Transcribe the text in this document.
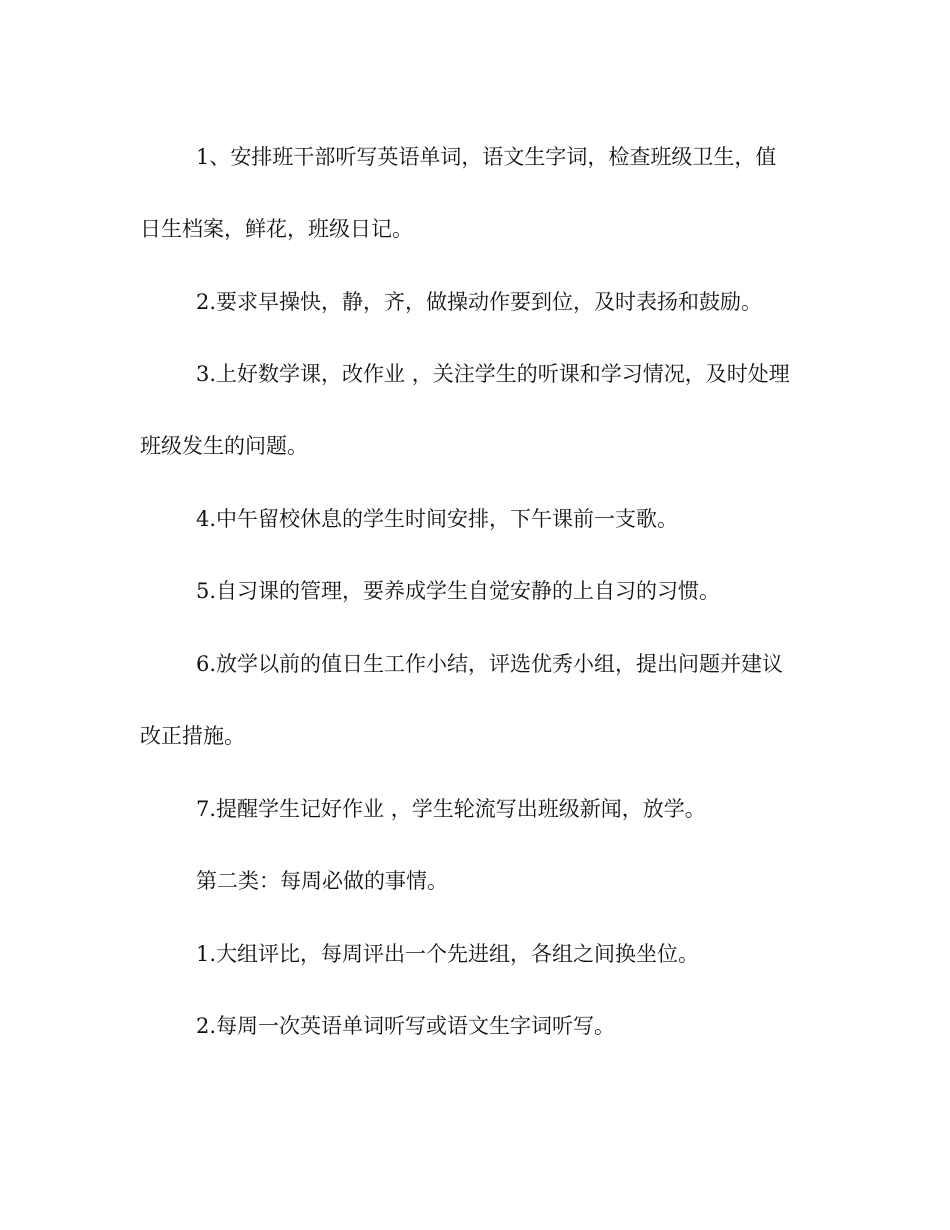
1、安排班干部听写英语单词，语文生字词，检查班级卫生，值
日生档案，鲜花，班级日记。
2.要求早操快，静，齐，做操动作要到位，及时表扬和鼓励。
3.上好数学课，改作业 ，关注学生的听课和学习情况，及时处理
班级发生的问题。
4.中午留校休息的学生时间安排，下午课前一支歌。
5.自习课的管理，要养成学生自觉安静的上自习的习惯。
6.放学以前的值日生工作小结，评选优秀小组，提出问题并建议
改正措施。
7.提醒学生记好作业 ，学生轮流写出班级新闻，放学。
第二类：每周必做的事情。
1.大组评比，每周评出一个先进组，各组之间换坐位。
2.每周一次英语单词听写或语文生字词听写。
